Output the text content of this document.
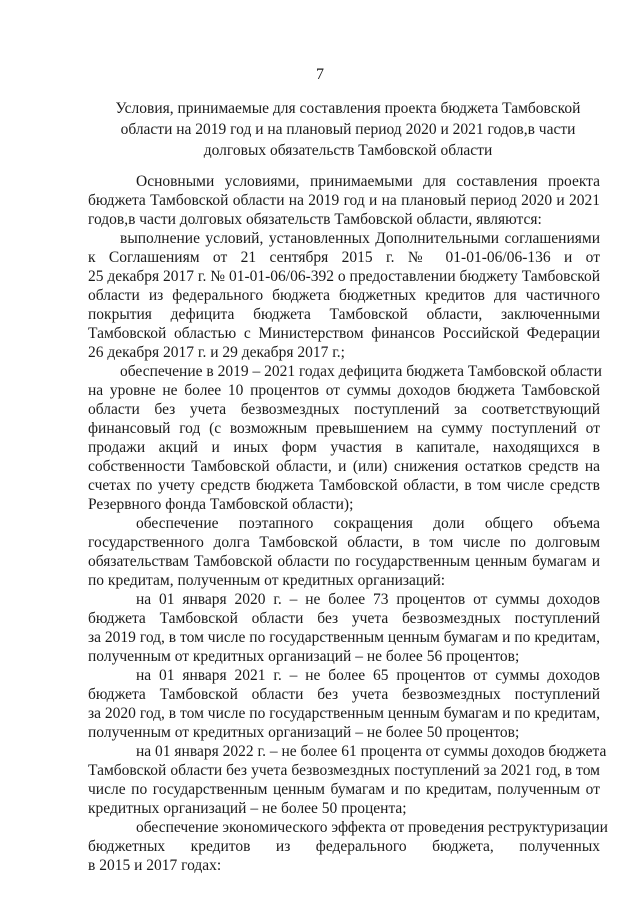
7
Условия, принимаемые для составления проекта бюджета Тамбовской
области на 2019 год и на плановый период 2020 и 2021 годов,в части
долговых обязательств Тамбовской области

Основными условиями, принимаемыми для составления проекта
бюджета Тамбовской области на 2019 год и на плановый период 2020 и 2021
годов,в части долговых обязательств Тамбовской области, являются:

выполнение условий, установленных Дополнительными соглашениями
к Соглашениям от 21 сентября 2015 г. № 01-01-06/06-136 и от
25 декабря 2017 г. № 01-01-06/06-392 о предоставлении бюджету Тамбовской
области из федерального бюджета бюджетных кредитов для частичного
покрытия дефицита бюджета Тамбовской области, заключенными
Тамбовской областью с Министерством финансов Российской Федерации
26 декабря 2017 г. и 29 декабря 2017 г.;

обеспечение в 2019 – 2021 годах дефицита бюджета Тамбовской области
на уровне не более 10 процентов от суммы доходов бюджета Тамбовской
области без учета безвозмездных поступлений за соответствующий
финансовый год (с возможным превышением на сумму поступлений от
продажи акций и иных форм участия в капитале, находящихся в
собственности Тамбовской области, и (или) снижения остатков средств на
счетах по учету средств бюджета Тамбовской области, в том числе средств
Резервного фонда Тамбовской области);

обеспечение поэтапного сокращения доли общего объема
государственного долга Тамбовской области, в том числе по долговым
обязательствам Тамбовской области по государственным ценным бумагам и
по кредитам, полученным от кредитных организаций:

на 01 января 2020 г. – не более 73 процентов от суммы доходов
бюджета Тамбовской области без учета безвозмездных поступлений
за 2019 год, в том числе по государственным ценным бумагам и по кредитам,
полученным от кредитных организаций – не более 56 процентов;

на 01 января 2021 г. – не более 65 процентов от суммы доходов
бюджета Тамбовской области без учета безвозмездных поступлений
за 2020 год, в том числе по государственным ценным бумагам и по кредитам,
полученным от кредитных организаций – не более 50 процентов;

на 01 января 2022 г. – не более 61 процента от суммы доходов бюджета
Тамбовской области без учета безвозмездных поступлений за 2021 год, в том
числе по государственным ценным бумагам и по кредитам, полученным от
кредитных организаций – не более 50 процента;

обеспечение экономического эффекта от проведения реструктуризации
бюджетных кредитов из федерального бюджета, полученных
в 2015 и 2017 годах:
